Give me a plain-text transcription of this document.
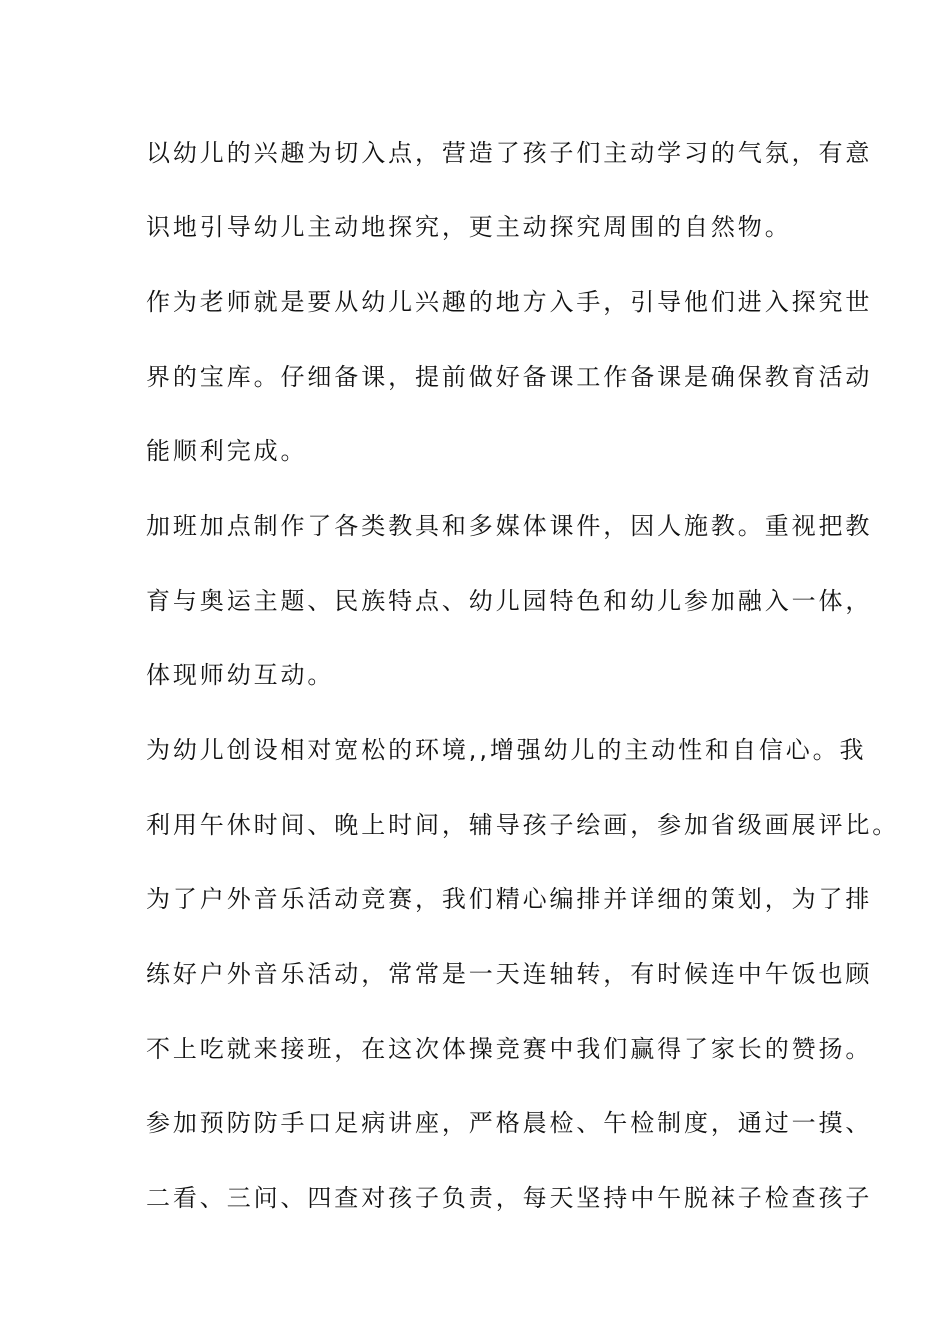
以幼儿的兴趣为切入点，营造了孩子们主动学习的气氛，有意
识地引导幼儿主动地探究，更主动探究周围的自然物。
作为老师就是要从幼儿兴趣的地方入手，引导他们进入探究世
界的宝库。仔细备课，提前做好备课工作备课是确保教育活动
能顺利完成。
加班加点制作了各类教具和多媒体课件，因人施教。重视把教
育与奥运主题、民族特点、幼儿园特色和幼儿参加融入一体，
体现师幼互动。
为幼儿创设相对宽松的环境,,增强幼儿的主动性和自信心。我
利用午休时间、晚上时间，辅导孩子绘画，参加省级画展评比。
为了户外音乐活动竞赛，我们精心编排并详细的策划，为了排
练好户外音乐活动，常常是一天连轴转，有时候连中午饭也顾
不上吃就来接班，在这次体操竞赛中我们赢得了家长的赞扬。
参加预防防手口足病讲座，严格晨检、午检制度，通过一摸、
二看、三问、四查对孩子负责，每天坚持中午脱袜子检查孩子
